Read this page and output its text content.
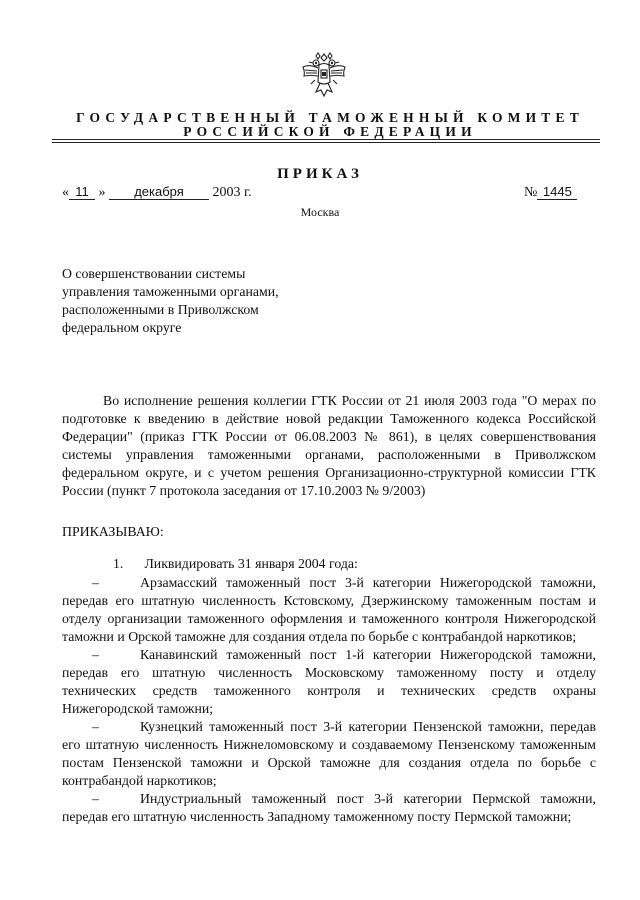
ГОСУДАРСТВЕННЫЙ ТАМОЖЕННЫЙ КОМИТЕТ
РОССИЙСКОЙ ФЕДЕРАЦИИ
ПРИКАЗ
« 11 » декабря 2003 г.	№ 1445
Москва
О совершенствовании системы
управления таможенными органами,
расположенными в Приволжском
федеральном округе
Во исполнение решения коллегии ГТК России от 21 июля 2003 года "О мерах по подготовке к введению в действие новой редакции Таможенного кодекса Российской Федерации" (приказ ГТК России от 06.08.2003 № 861), в целях совершенствования системы управления таможенными органами, расположенными в Приволжском федеральном округе, и с учетом решения Организационно-структурной комиссии ГТК России (пункт 7 протокола заседания от 17.10.2003 № 9/2003)
ПРИКАЗЫВАЮ:
1. Ликвидировать 31 января 2004 года:

–	Арзамасский таможенный пост 3-й категории Нижегородской таможни, передав его штатную численность Кстовскому, Дзержинскому таможенным постам и отделу организации таможенного оформления и таможенного контроля Нижегородской таможни и Орской таможне для создания отдела по борьбе с контрабандой наркотиков;

–	Канавинский таможенный пост 1-й категории Нижегородской таможни, передав его штатную численность Московскому таможенному посту и отделу технических средств таможенного контроля и технических средств охраны Нижегородской таможни;

–	Кузнецкий таможенный пост 3-й категории Пензенской таможни, передав его штатную численность Нижнеломовскому и создаваемому Пензенскому таможенным постам Пензенской таможни и Орской таможне для создания отдела по борьбе с контрабандой наркотиков;

–	Индустриальный таможенный пост 3-й категории Пермской таможни, передав его штатную численность Западному таможенному посту Пермской таможни;
